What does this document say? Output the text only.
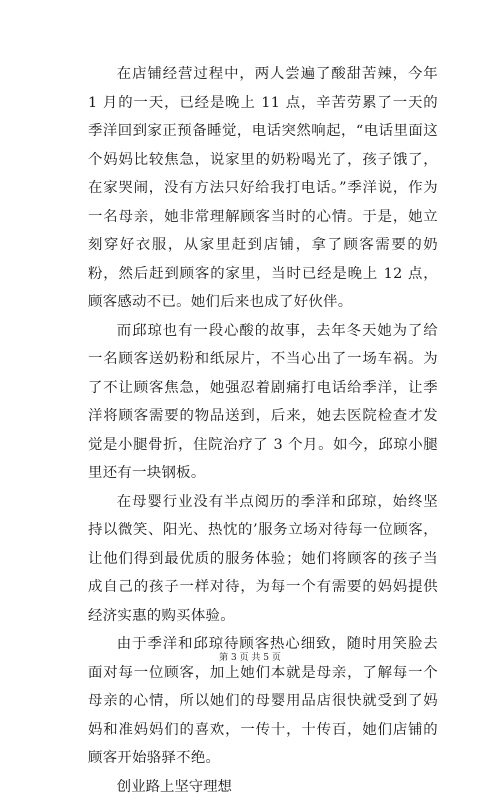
在店铺经营过程中，两人尝遍了酸甜苦辣，今年 1 月的一天，已经是晚上 11 点，辛苦劳累了一天的季洋回到家正预备睡觉，电话突然响起，“电话里面这个妈妈比较焦急，说家里的奶粉喝光了，孩子饿了，在家哭闹，没有方法只好给我打电话。”季洋说，作为一名母亲，她非常理解顾客当时的心情。于是，她立刻穿好衣服，从家里赶到店铺，拿了顾客需要的奶粉，然后赶到顾客的家里，当时已经是晚上 12 点，顾客感动不已。她们后来也成了好伙伴。

而邱琼也有一段心酸的故事，去年冬天她为了给一名顾客送奶粉和纸尿片，不当心出了一场车祸。为了不让顾客焦急，她强忍着剧痛打电话给季洋，让季洋将顾客需要的物品送到，后来，她去医院检查才发觉是小腿骨折，住院治疗了 3 个月。如今，邱琼小腿里还有一块钢板。

在母婴行业没有半点阅历的季洋和邱琼，始终坚持以微笑、阳光、热忱的’服务立场对待每一位顾客，让他们得到最优质的服务体验；她们将顾客的孩子当成自己的孩子一样对待，为每一个有需要的妈妈提供经济实惠的购买体验。

由于季洋和邱琼待顾客热心细致，随时用笑脸去面对每一位顾客，加上她们本就是母亲，了解每一个母亲的心情，所以她们的母婴用品店很快就受到了妈妈和准妈妈们的喜欢，一传十，十传百，她们店铺的顾客开始骆驿不绝。

创业路上坚守理想

第 3 页 共 5 页
